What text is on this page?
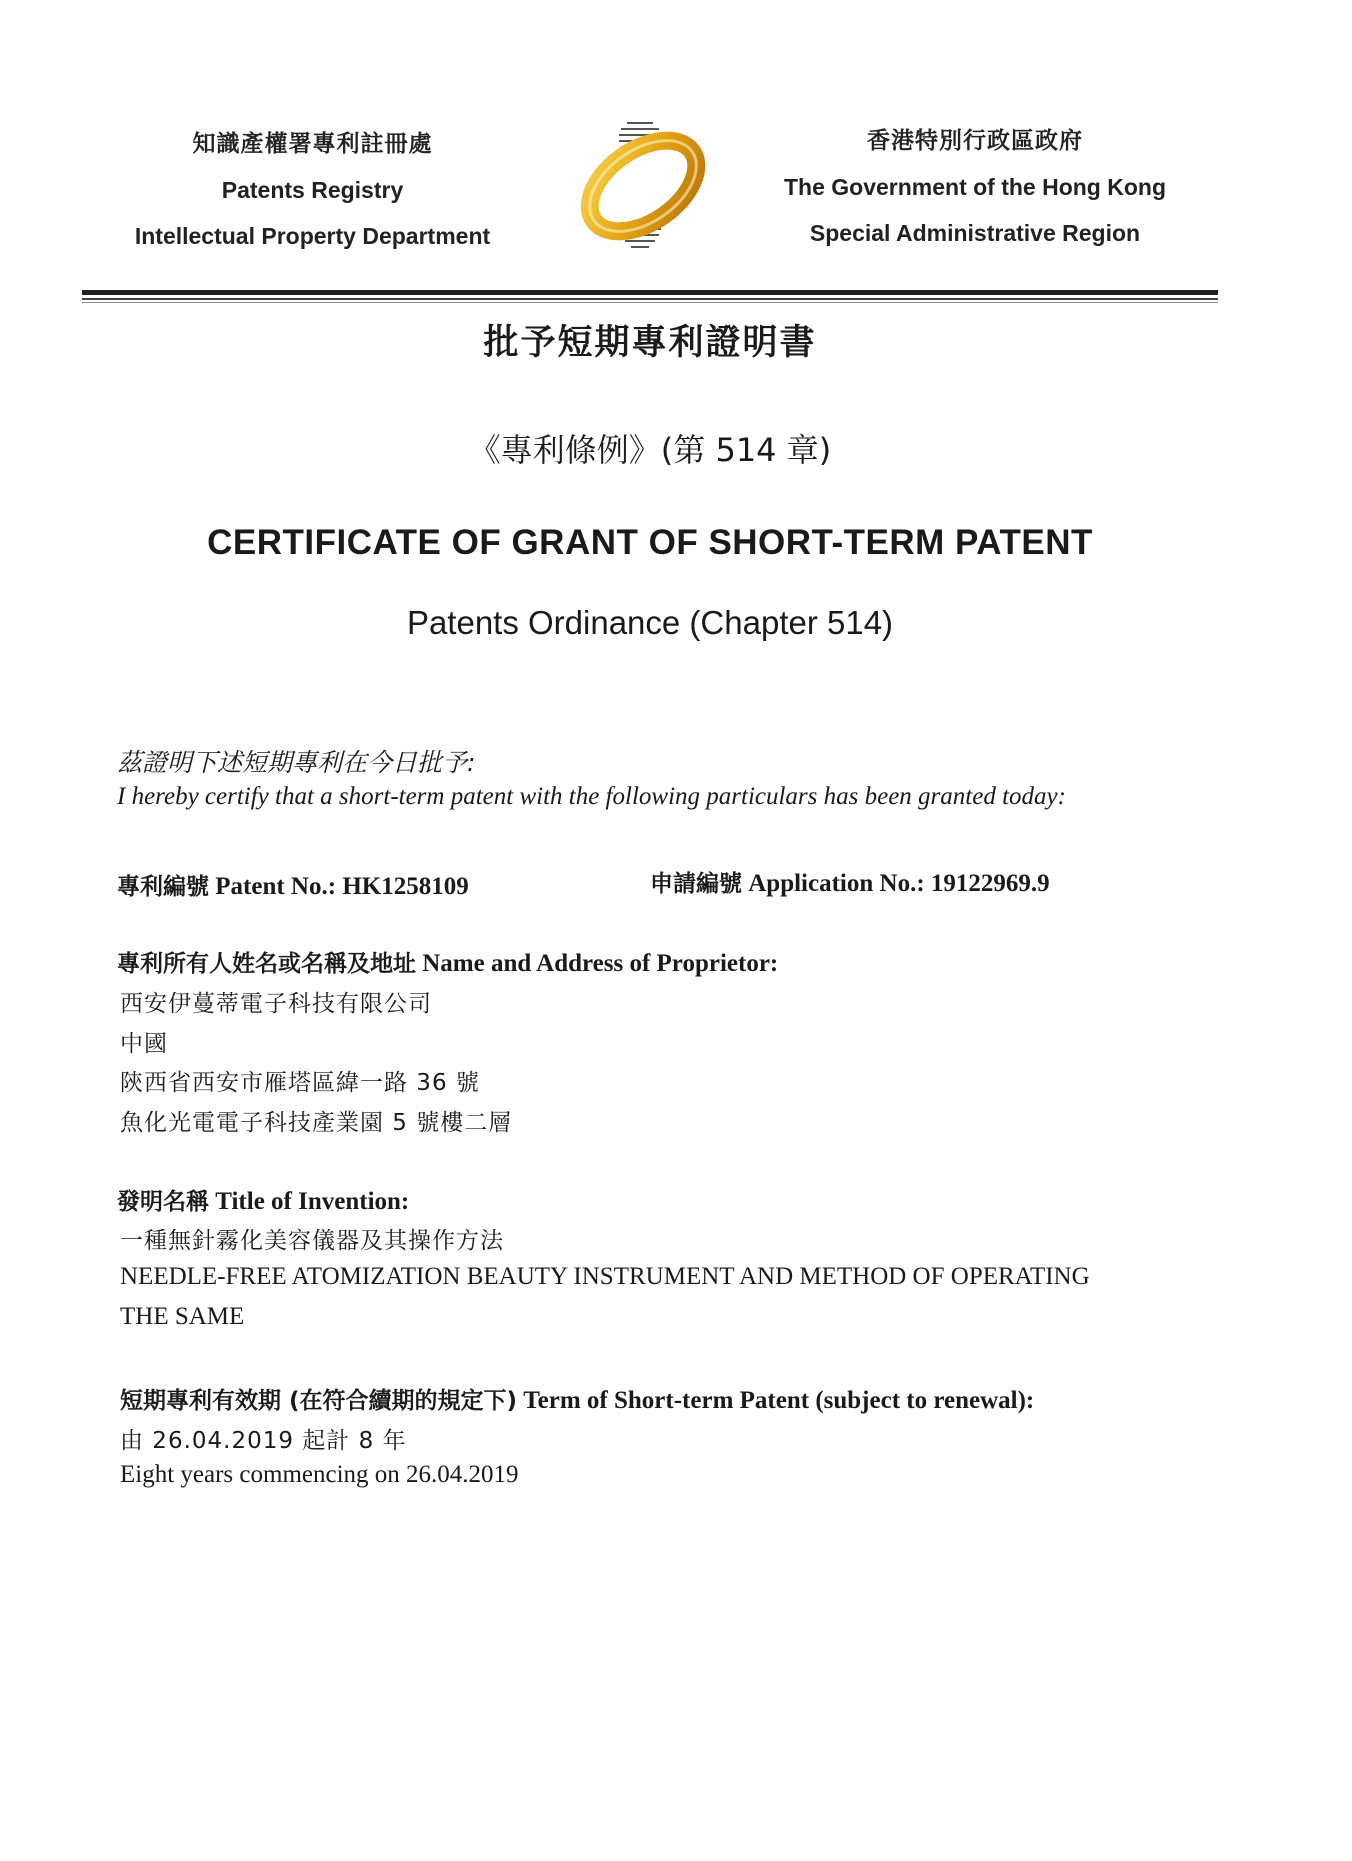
知識產權署專利註冊處
Patents Registry
Intellectual Property Department
香港特別行政區政府
The Government of the Hong Kong
Special Administrative Region
批予短期專利證明書
《專利條例》(第 514 章)
CERTIFICATE OF GRANT OF SHORT-TERM PATENT
Patents Ordinance (Chapter 514)
茲證明下述短期專利在今日批予:
I hereby certify that a short-term patent with the following particulars has been granted today:
專利編號 Patent No.: HK1258109	申請編號 Application No.: 19122969.9
專利所有人姓名或名稱及地址 Name and Address of Proprietor:
西安伊蔓蒂電子科技有限公司
中國
陝西省西安市雁塔區緯一路 36 號
魚化光電電子科技產業園 5 號樓二層
發明名稱 Title of Invention:
一種無針霧化美容儀器及其操作方法
NEEDLE-FREE ATOMIZATION BEAUTY INSTRUMENT AND METHOD OF OPERATING
THE SAME
短期專利有效期 (在符合續期的規定下) Term of Short-term Patent (subject to renewal):
由 26.04.2019 起計 8 年
Eight years commencing on 26.04.2019
